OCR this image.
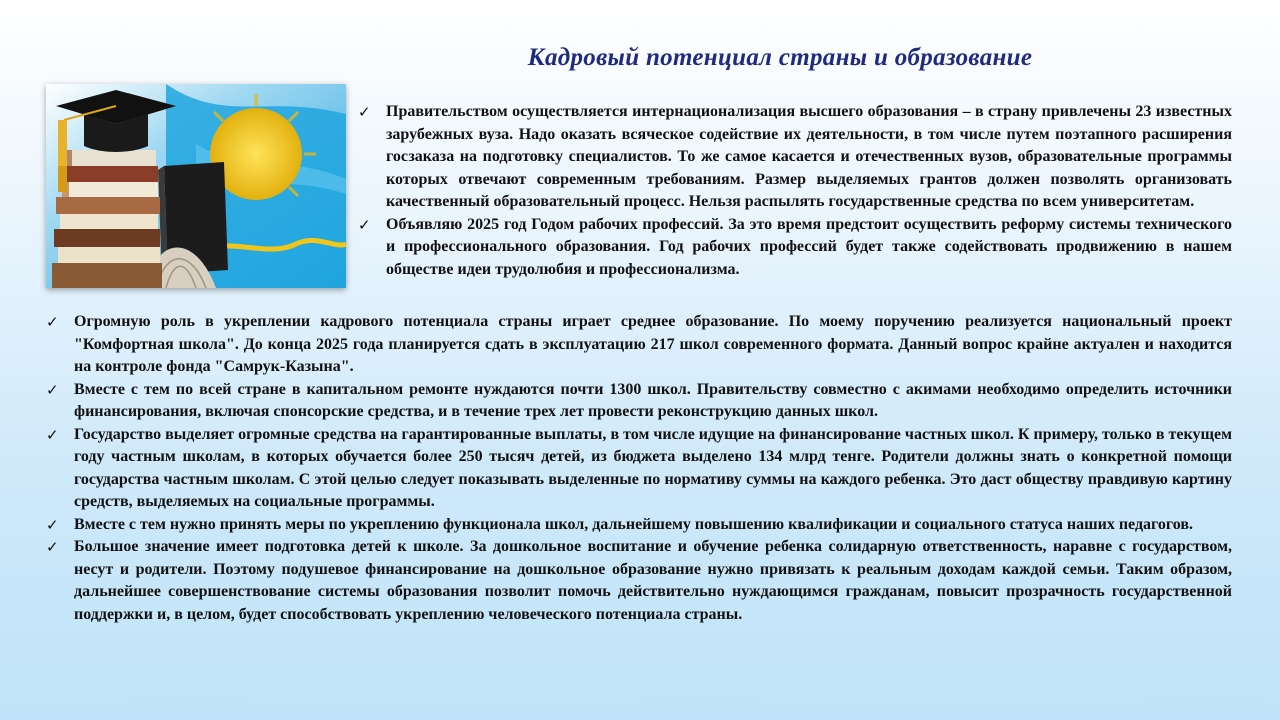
Кадровый потенциал страны и образование
✓ Правительством осуществляется интернационализация высшего образования – в страну привлечены 23 известных зарубежных вуза. Надо оказать всяческое содействие их деятельности, в том числе путем поэтапного расширения госзаказа на подготовку специалистов. То же самое касается и отечественных вузов, образовательные программы которых отвечают современным требованиям. Размер выделяемых грантов должен позволять организовать качественный образовательный процесс. Нельзя распылять государственные средства по всем университетам.
✓ Объявляю 2025 год Годом рабочих профессий. За это время предстоит осуществить реформу системы технического и профессионального образования. Год рабочих профессий будет также содействовать продвижению в нашем обществе идеи трудолюбия и профессионализма.
✓ Огромную роль в укреплении кадрового потенциала страны играет среднее образование. По моему поручению реализуется национальный проект "Комфортная школа". До конца 2025 года планируется сдать в эксплуатацию 217 школ современного формата. Данный вопрос крайне актуален и находится на контроле фонда "Самрук-Казына".
✓ Вместе с тем по всей стране в капитальном ремонте нуждаются почти 1300 школ. Правительству совместно с акимами необходимо определить источники финансирования, включая спонсорские средства, и в течение трех лет провести реконструкцию данных школ.
✓ Государство выделяет огромные средства на гарантированные выплаты, в том числе идущие на финансирование частных школ. К примеру, только в текущем году частным школам, в которых обучается более 250 тысяч детей, из бюджета выделено 134 млрд тенге. Родители должны знать о конкретной помощи государства частным школам. С этой целью следует показывать выделенные по нормативу суммы на каждого ребенка. Это даст обществу правдивую картину средств, выделяемых на социальные программы.
✓ Вместе с тем нужно принять меры по укреплению функционала школ, дальнейшему повышению квалификации и социального статуса наших педагогов.
✓ Большое значение имеет подготовка детей к школе. За дошкольное воспитание и обучение ребенка солидарную ответственность, наравне с государством, несут и родители. Поэтому подушевое финансирование на дошкольное образование нужно привязать к реальным доходам каждой семьи. Таким образом, дальнейшее совершенствование системы образования позволит помочь действительно нуждающимся гражданам, повысит прозрачность государственной поддержки и, в целом, будет способствовать укреплению человеческого потенциала страны.
